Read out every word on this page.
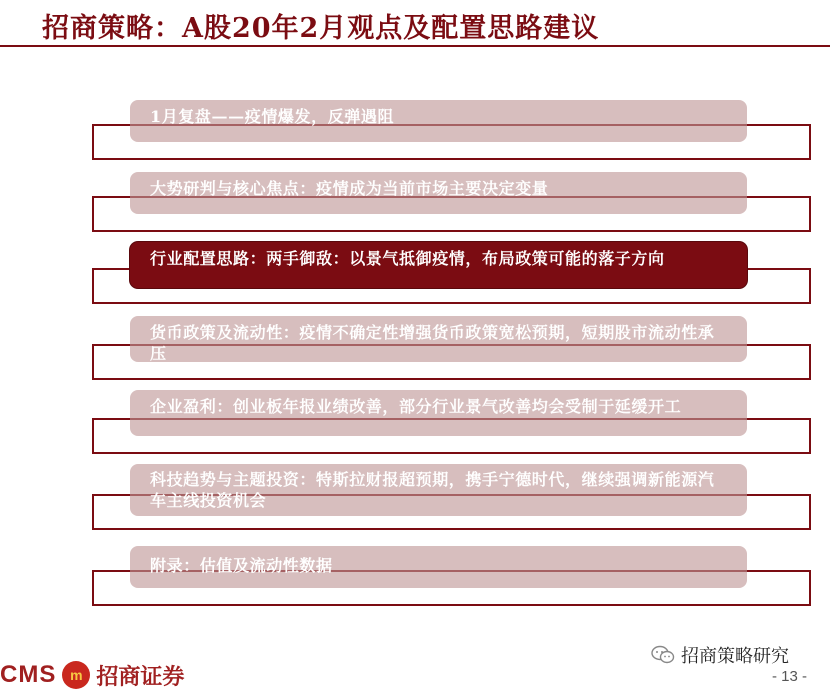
招商策略：A股20年2月观点及配置思路建议
1月复盘——疫情爆发，反弹遇阻
大势研判与核心焦点：疫情成为当前市场主要决定变量
行业配置思路：两手御敌：以景气抵御疫情，布局政策可能的落子方向
货币政策及流动性：疫情不确定性增强货币政策宽松预期，短期股市流动性承压
企业盈利：创业板年报业绩改善，部分行业景气改善均会受制于延缓开工
科技趋势与主题投资：特斯拉财报超预期，携手宁德时代，继续强调新能源汽车主线投资机会
附录：估值及流动性数据
CMS m 招商证券
招商策略研究
- 13 -
